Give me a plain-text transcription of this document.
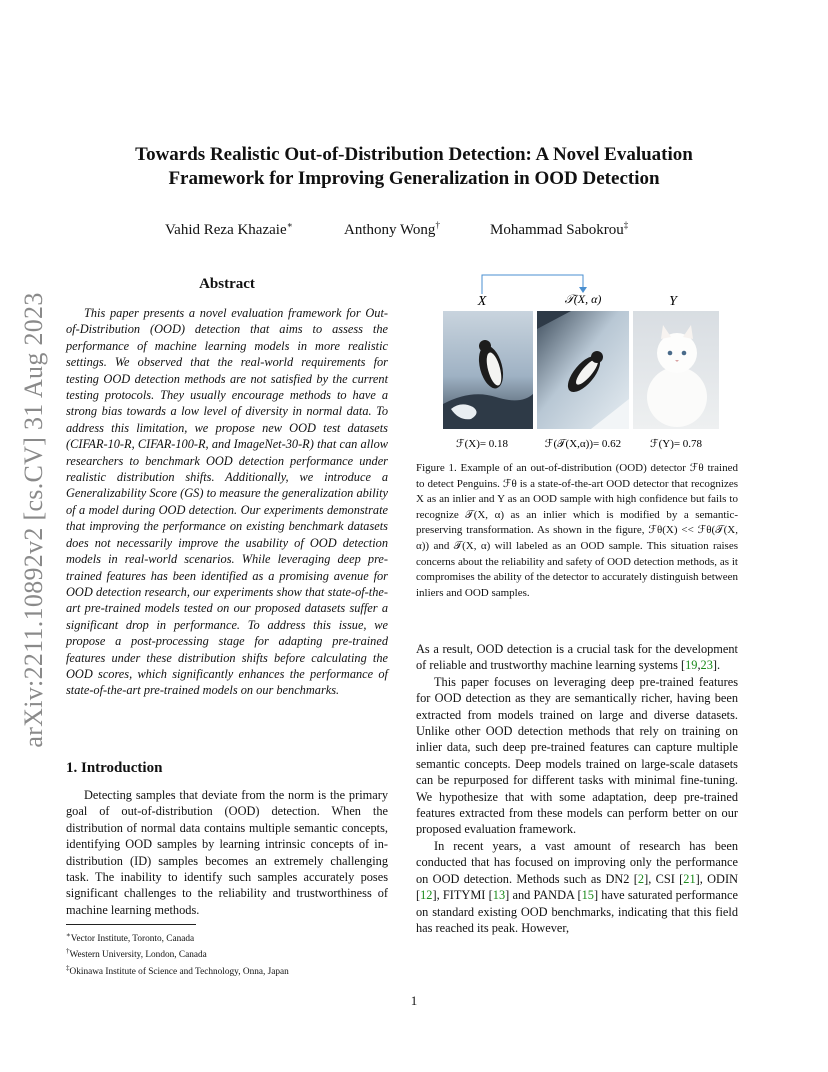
arXiv:2211.10892v2 [cs.CV] 31 Aug 2023
Towards Realistic Out-of-Distribution Detection: A Novel Evaluation
Framework for Improving Generalization in OOD Detection
Vahid Reza Khazaie∗	Anthony Wong†	Mohammad Sabokrou‡
Abstract

This paper presents a novel evaluation framework for Out-of-Distribution (OOD) detection that aims to assess the performance of machine learning models in more realistic settings. We observed that the real-world requirements for testing OOD detection methods are not satisfied by the current testing protocols. They usually encourage methods to have a strong bias towards a low level of diversity in normal data. To address this limitation, we propose new OOD test datasets (CIFAR-10-R, CIFAR-100-R, and ImageNet-30-R) that can allow researchers to benchmark OOD detection performance under realistic distribution shifts. Additionally, we introduce a Generalizability Score (GS) to measure the generalization ability of a model during OOD detection. Our experiments demonstrate that improving the performance on existing benchmark datasets does not necessarily improve the usability of OOD detection models in real-world scenarios. While leveraging deep pre-trained features has been identified as a promising avenue for OOD detection research, our experiments show that state-of-the-art pre-trained models tested on our proposed datasets suffer a significant drop in performance. To address this issue, we propose a post-processing stage for adapting pre-trained features under these distribution shifts before calculating the OOD scores, which significantly enhances the performance of state-of-the-art pre-trained models on our benchmarks.

1. Introduction

Detecting samples that deviate from the norm is the primary goal of out-of-distribution (OOD) detection. When the distribution of normal data contains multiple semantic concepts, identifying OOD samples by learning intrinsic concepts of in-distribution (ID) samples becomes an extremely challenging task. The inability to identify such samples accurately poses significant challenges to the reliability and trustworthiness of machine learning methods.

∗Vector Institute, Toronto, Canada
†Western University, London, Canada
‡Okinawa Institute of Science and Technology, Onna, Japan
X	𝒯(X, α)	Y
ℱ(X)= 0.18	ℱ(𝒯(X,α))= 0.62	ℱ(Y)= 0.78
Figure 1. Example of an out-of-distribution (OOD) detector ℱθ trained to detect Penguins. ℱθ is a state-of-the-art OOD detector that recognizes X as an inlier and Y as an OOD sample with high confidence but fails to recognize 𝒯(X, α) as an inlier which is modified by a semantic-preserving transformation. As shown in the figure, ℱθ(X) << ℱθ(𝒯(X, α)) and 𝒯(X, α) will labeled as an OOD sample. This situation raises concerns about the reliability and safety of OOD detection methods, as it compromises the ability of the detector to accurately distinguish between inliers and OOD samples.

As a result, OOD detection is a crucial task for the development of reliable and trustworthy machine learning systems [19,23].

This paper focuses on leveraging deep pre-trained features for OOD detection as they are semantically richer, having been extracted from models trained on large and diverse datasets. Unlike other OOD detection methods that rely on training on inlier data, such deep pre-trained features can capture multiple semantic concepts. Deep models trained on large-scale datasets can be repurposed for different tasks with minimal fine-tuning. We hypothesize that with some adaptation, deep pre-trained features extracted from these models can perform better on our proposed evaluation framework.

In recent years, a vast amount of research has been conducted that has focused on improving only the performance on OOD detection. Methods such as DN2 [2], CSI [21], ODIN [12], FITYMI [13] and PANDA [15] have saturated performance on standard existing OOD benchmarks, indicating that this field has reached its peak. However,

1
